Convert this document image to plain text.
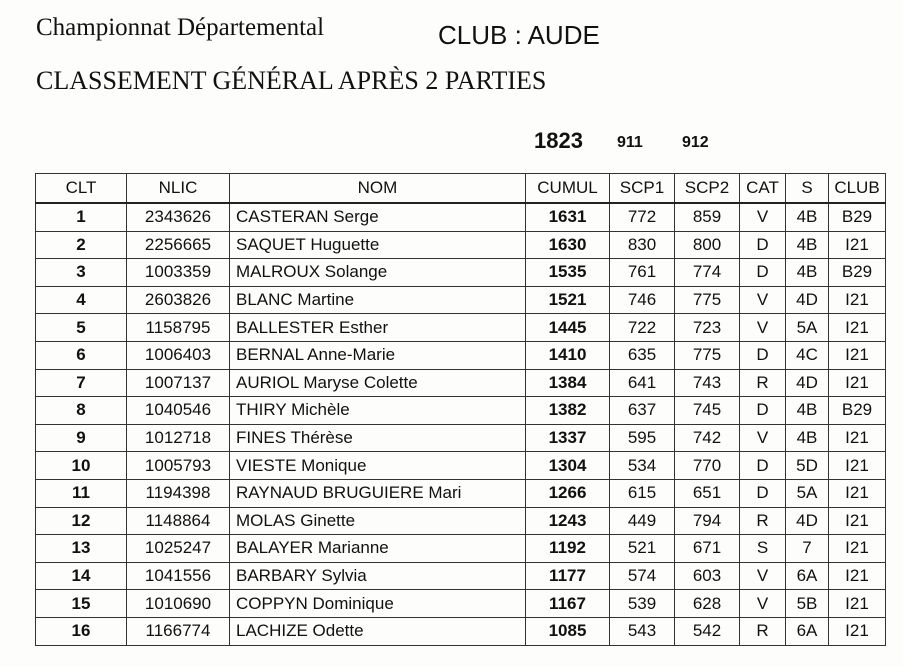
Championnat Départemental	CLUB : AUDE
CLASSEMENT GÉNÉRAL APRÈS 2 PARTIES
1823 911 912
CLT	NLIC	NOM	CUMUL	SCP1	SCP2	CAT	S	CLUB
1	2343626	CASTERAN Serge	1631	772	859	V	4B	B29
2	2256665	SAQUET Huguette	1630	830	800	D	4B	I21
3	1003359	MALROUX Solange	1535	761	774	D	4B	B29
4	2603826	BLANC Martine	1521	746	775	V	4D	I21
5	1158795	BALLESTER Esther	1445	722	723	V	5A	I21
6	1006403	BERNAL Anne-Marie	1410	635	775	D	4C	I21
7	1007137	AURIOL Maryse Colette	1384	641	743	R	4D	I21
8	1040546	THIRY Michèle	1382	637	745	D	4B	B29
9	1012718	FINES Thérèse	1337	595	742	V	4B	I21
10	1005793	VIESTE Monique	1304	534	770	D	5D	I21
11	1194398	RAYNAUD BRUGUIERE Mari	1266	615	651	D	5A	I21
12	1148864	MOLAS Ginette	1243	449	794	R	4D	I21
13	1025247	BALAYER Marianne	1192	521	671	S	7	I21
14	1041556	BARBARY Sylvia	1177	574	603	V	6A	I21
15	1010690	COPPYN Dominique	1167	539	628	V	5B	I21
16	1166774	LACHIZE Odette	1085	543	542	R	6A	I21
